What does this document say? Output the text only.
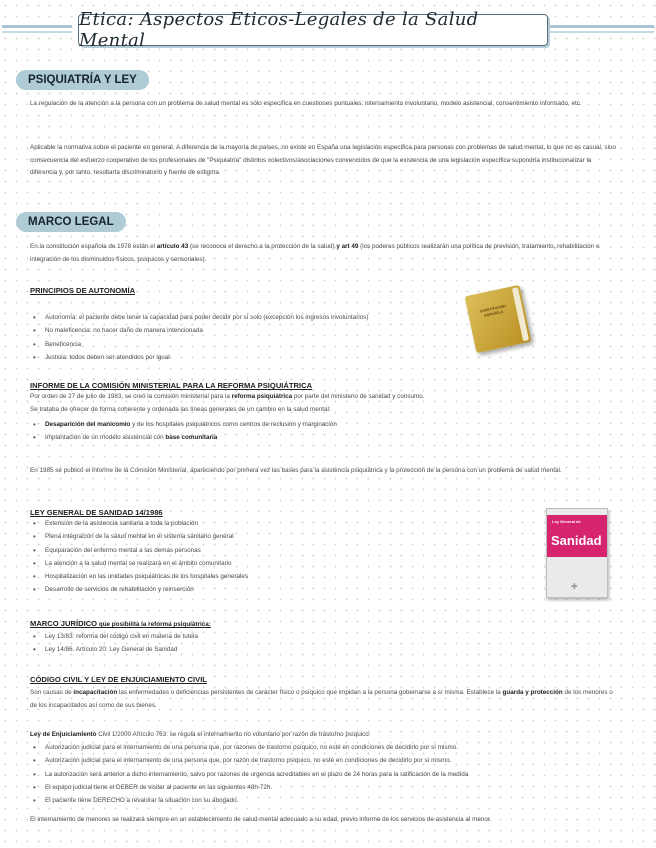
Etica: Aspectos Eticos-Legales de la Salud Mental
PSIQUIATRÍA Y LEY
La regulación de la atención a la persona con un problema de salud mental es sólo específica en cuestiones puntuales: internamiento involuntario, modelo asistencial, consentimiento informado, etc.
Aplicable la normativa sobre el paciente en general. A diferencia de la mayoría de países, no existe en España una legislación específica para personas con problemas de salud mental, lo que no es casual, sino consecuencia del esfuerzo cooperativo de los profesionales de "Psiquiatría" distintos colectivos/asociaciones convencidos de que la existencia de una legislación específica supondría institucionalizar la diferencia y, por tanto, resultaría discriminatorio y fuente de estigma.
MARCO LEGAL
En la constitución española de 1978 están el artículo 43 (se reconoce el derecho a la protección de la salud) y art 49 (los poderes públicos realizarán una política de previsión, tratamiento, rehabilitación e integración de los disminuidos físicos, psíquicos y sensoriales).
PRINCIPIOS DE AUTONOMÍA
• Autonomía: el paciente debe tener la capacidad para poder decidir por sí solo (excepción los ingresos involuntarios)
• No maleficencia: no hacer daño de manera intencionada
• Beneficencia
• Justicia: todos deben ser atendidos por igual
CONSTITUCIÓN ESPAÑOLA
INFORME DE LA COMISIÓN MINISTERIAL PARA LA REFORMA PSIQUIÁTRICA
Por orden de 27 de julio de 1983, se creó la comisión ministerial para la reforma psiquiátrica por parte del ministerio de sanidad y consumo.
Se trataba de ofrecer de forma coherente y ordenada las líneas generales de un cambio en la salud mental:
• Desaparición del manicomio y de los hospitales psiquiátricos como centros de reclusión y marginación
• Implantación de un modelo asistencial con base comunitaria
En 1985 se publicó el informe de la Comisión Ministerial, apareciendo por primera vez las bases para la asistencia psiquiátrica y la protección de la persona con un problema de salud mental.
LEY GENERAL DE SANIDAD 14/1986
• Extensión de la asistencia sanitaria a toda la población
• Plena integración de la salud mental en el sistema sanitario general
• Equiparación del enfermo mental a las demás personas
• La atención a la salud mental se realizará en el ámbito comunitario
• Hospitalización en las unidades psiquiátricas de los hospitales generales
• Desarrollo de servicios de rehabilitación y reinserción
Ley General de
Sanidad
✚
MARCO JURÍDICO que posibilita la reforma psiquiátrica:
• Ley 13/83: reforma del código civil en materia de tutela
• Ley 14/86. Artículo 20: Ley General de Sanidad
CÓDIGO CIVIL Y LEY DE ENJUICIAMIENTO CIVIL
Son causas de incapacitación las enfermedades o deficiencias persistentes de carácter físico o psíquico que impidan a la persona gobernarse a sí misma. Establece la guarda y protección de los menores o de los incapacitados así como de sus bienes.
Ley de Enjuiciamiento Civil 1/2000 Artículo 763: se regula el internamiento no voluntario por razón de trastorno psíquico:
• Autorización judicial para el internamiento de una persona que, por razones de trastorno psíquico, no esté en condiciones de decidirlo por sí mismo.
• Autorización judicial para el internamiento de una persona que, por razón de trastorno psíquico, no esté en condiciones de decidirlo por sí mismo.
• La autorización será anterior a dicho internamiento, salvo por razones de urgencia acreditables en el plazo de 24 horas para la ratificación de la medida
• El equipo judicial tiene el DEBER de visitar al paciente en las siguientes 48h-72h.
• El paciente tiene DERECHO a revalorar la situación con su abogado.
El internamiento de menores se realizará siempre en un establecimiento de salud mental adecuado a su edad, previo informe de los servicios de asistencia al menor.
